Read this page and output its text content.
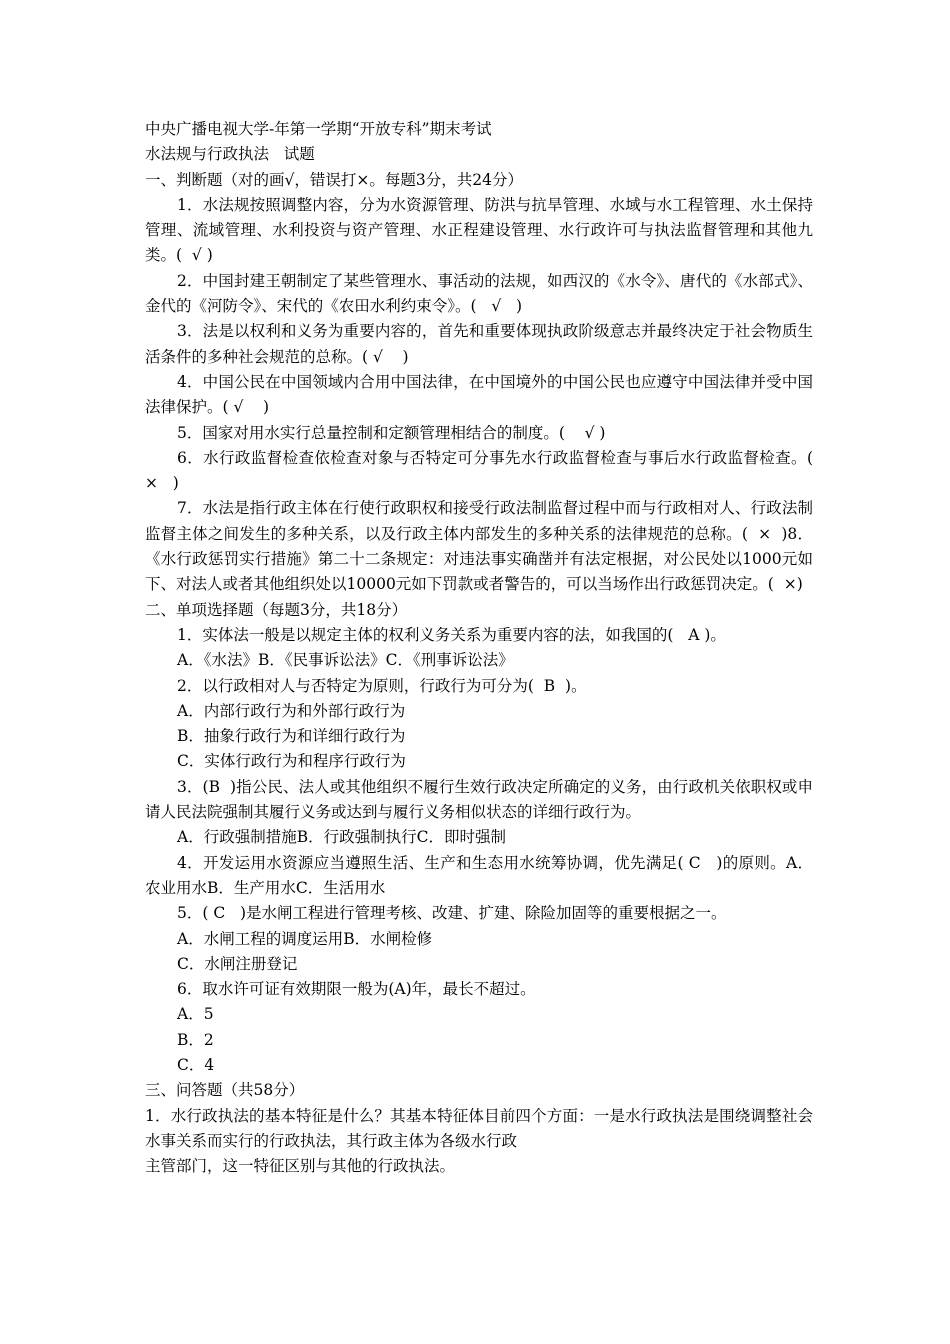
中央广播电视大学-年第一学期“开放专科”期末考试

水法规与行政执法   试题

一、判断题（对的画√，错误打×。每题3分，共24分）

1．水法规按照调整内容，分为水资源管理、防洪与抗旱管理、水域与水工程管理、水土保持管理、流域管理、水利投资与资产管理、水正程建设管理、水行政许可与执法监督管理和其他九类。(  √ )

2．中国封建王朝制定了某些管理水、事活动的法规，如西汉的《水令》、唐代的《水部式》、金代的《河防令》、宋代的《农田水利约束令》。(   √   )

3．法是以权利和义务为重要内容的，首先和重要体现执政阶级意志并最终决定于社会物质生活条件的多种社会规范的总称。( √    )

4．中国公民在中国领域内合用中国法律，在中国境外的中国公民也应遵守中国法律并受中国法律保护。( √    )

5．国家对用水实行总量控制和定额管理相结合的制度。(    √ )

6．水行政监督检查依检查对象与否特定可分事先水行政监督检查与事后水行政监督检查。(  ×   )

7．水法是指行政主体在行使行政职权和接受行政法制监督过程中而与行政相对人、行政法制监督主体之间发生的多种关系，以及行政主体内部发生的多种关系的法律规范的总称。(  ×  )8．《水行政惩罚实行措施》第二十二条规定：对违法事实确凿并有法定根据，对公民处以1000元如下、对法人或者其他组织处以10000元如下罚款或者警告的，可以当场作出行政惩罚决定。(  ×)

二、单项选择题（每题3分，共18分）

1．实体法一般是以规定主体的权利义务关系为重要内容的法，如我国的(   A )。

A．《水法》B．《民事诉讼法》C．《刑事诉讼法》

2．以行政相对人与否特定为原则，行政行为可分为(  B  )。

A．内部行政行为和外部行政行为

B．抽象行政行为和详细行政行为

C．实体行政行为和程序行政行为

3．(B  )指公民、法人或其他组织不履行生效行政决定所确定的义务，由行政机关依职权或申请人民法院强制其履行义务或达到与履行义务相似状态的详细行政行为。

A．行政强制措施B．行政强制执行C．即时强制

4．开发运用水资源应当遵照生活、生产和生态用水统筹协调，优先满足( C   )的原则。A．农业用水B．生产用水C．生活用水

5．( C   )是水闸工程进行管理考核、改建、扩建、除险加固等的重要根据之一。

A．水闸工程的调度运用B．水闸检修

C．水闸注册登记

6．取水许可证有效期限一般为(A)年，最长不超过。

A．5

B．2

C．4

三、问答题（共58分）

1．水行政执法的基本特征是什么？其基本特征体目前四个方面：一是水行政执法是围绕调整社会水事关系而实行的行政执法，其行政主体为各级水行政

主管部门，这一特征区别与其他的行政执法。
